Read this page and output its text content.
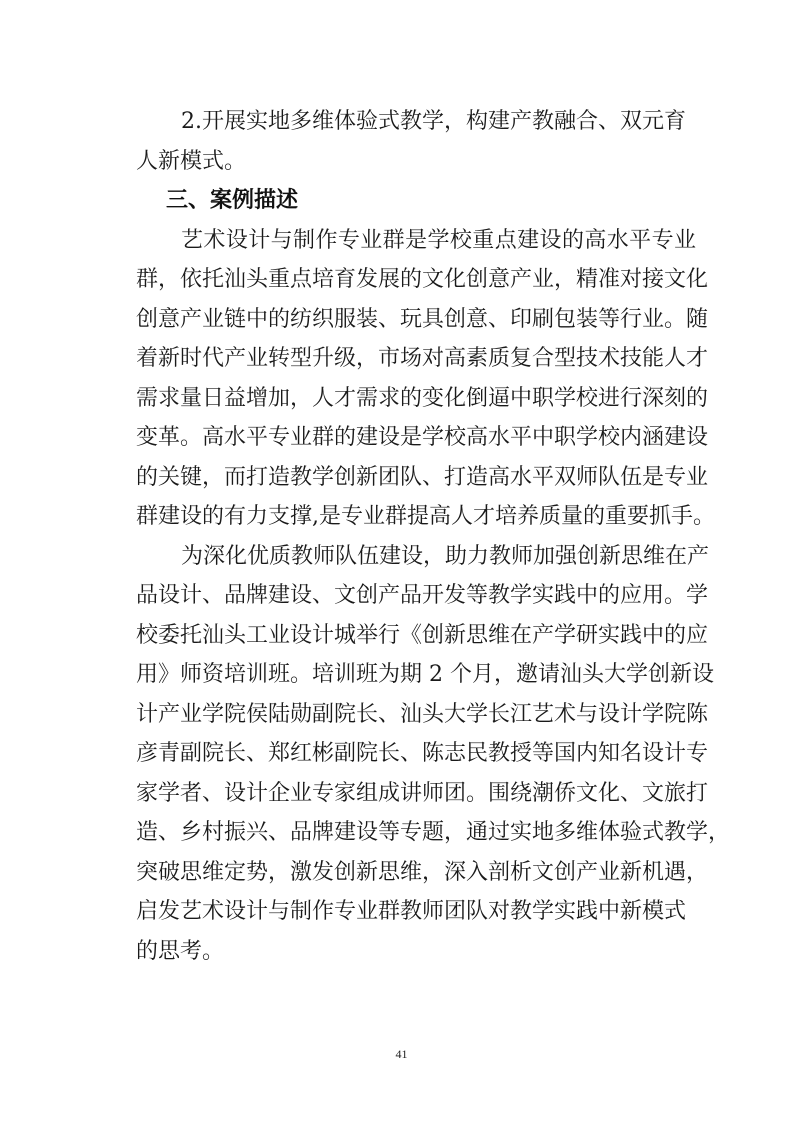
2.开展实地多维体验式教学，构建产教融合、双元育
人新模式。
三、案例描述
艺术设计与制作专业群是学校重点建设的高水平专业
群，依托汕头重点培育发展的文化创意产业，精准对接文化
创意产业链中的纺织服装、玩具创意、印刷包装等行业。随
着新时代产业转型升级，市场对高素质复合型技术技能人才
需求量日益增加，人才需求的变化倒逼中职学校进行深刻的
变革。高水平专业群的建设是学校高水平中职学校内涵建设
的关键，而打造教学创新团队、打造高水平双师队伍是专业
群建设的有力支撑,是专业群提高人才培养质量的重要抓手。
为深化优质教师队伍建设，助力教师加强创新思维在产
品设计、品牌建设、文创产品开发等教学实践中的应用。学
校委托汕头工业设计城举行《创新思维在产学研实践中的应
用》师资培训班。培训班为期 2 个月，邀请汕头大学创新设
计产业学院侯陆勋副院长、汕头大学长江艺术与设计学院陈
彦青副院长、郑红彬副院长、陈志民教授等国内知名设计专
家学者、设计企业专家组成讲师团。围绕潮侨文化、文旅打
造、乡村振兴、品牌建设等专题，通过实地多维体验式教学，
突破思维定势，激发创新思维，深入剖析文创产业新机遇，
启发艺术设计与制作专业群教师团队对教学实践中新模式
的思考。
41
